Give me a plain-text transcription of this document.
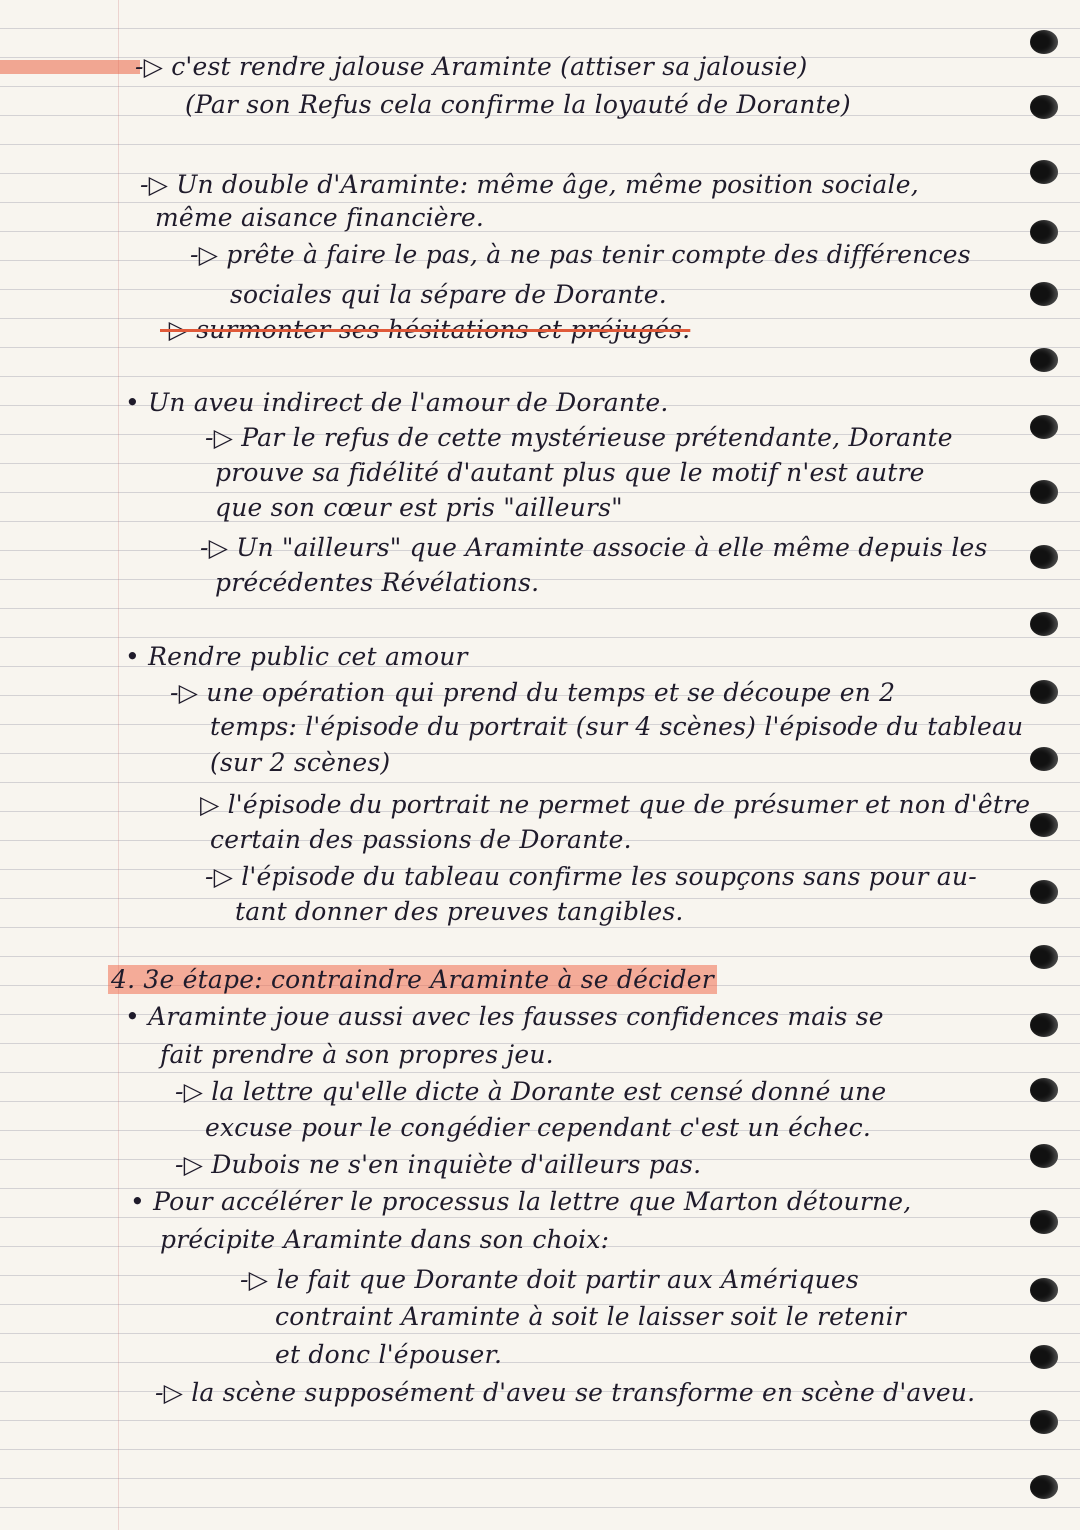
-▷ c'est rendre jalouse Araminte (attiser sa jalousie)
(Par son Refus cela confirme la loyauté de Dorante)
-▷ Un double d'Araminte: même âge, même position sociale,
même aisance financière.
-▷ prête à faire le pas, à ne pas tenir compte des différences
sociales qui la sépare de Dorante.
-▷ surmonter ses hésitations et préjugés.
• Un aveu indirect de l'amour de Dorante.
-▷ Par le refus de cette mystérieuse prétendante, Dorante
prouve sa fidélité d'autant plus que le motif n'est autre
que son cœur est pris "ailleurs"
-▷ Un "ailleurs" que Araminte associe à elle même depuis les
précédentes Révélations.
• Rendre public cet amour
-▷ une opération qui prend du temps et se découpe en 2
temps: l'épisode du portrait (sur 4 scènes) l'épisode du tableau
(sur 2 scènes)
▷ l'épisode du portrait ne permet que de présumer et non d'être
certain des passions de Dorante.
-▷ l'épisode du tableau confirme les soupçons sans pour au-
tant donner des preuves tangibles.
4. 3e étape: contraindre Araminte à se décider
• Araminte joue aussi avec les fausses confidences mais se
fait prendre à son propres jeu.
-▷ la lettre qu'elle dicte à Dorante est censé donné une
excuse pour le congédier cependant c'est un échec.
-▷ Dubois ne s'en inquiète d'ailleurs pas.
• Pour accélérer le processus la lettre que Marton détourne,
précipite Araminte dans son choix:
-▷ le fait que Dorante doit partir aux Amériques
contraint Araminte à soit le laisser soit le retenir
et donc l'épouser.
-▷ la scène supposément d'aveu se transforme en scène d'aveu.
